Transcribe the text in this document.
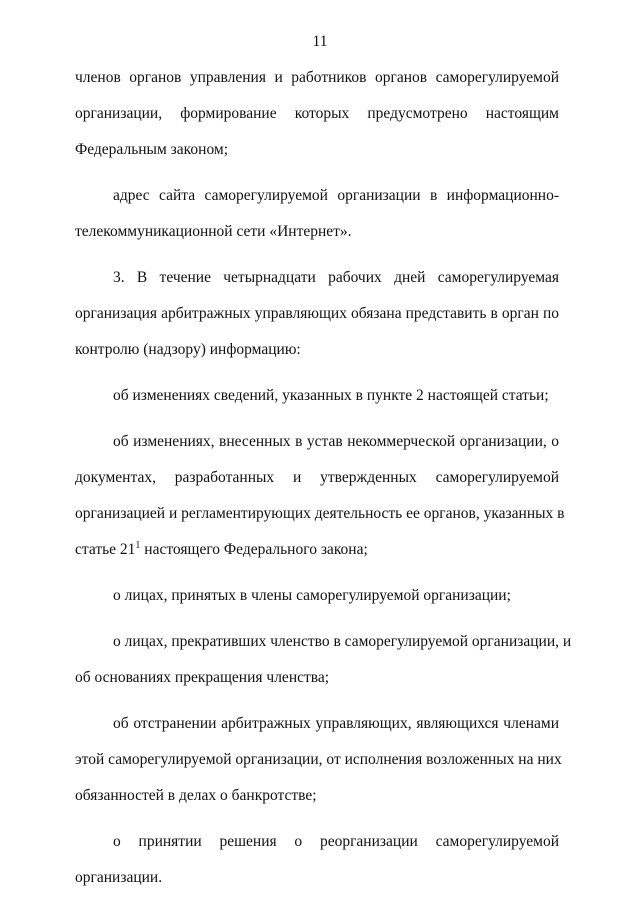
11
членов органов управления и работников органов саморегулируемой
организации, формирование которых предусмотрено настоящим
Федеральным законом;
адрес сайта саморегулируемой организации в информационно-
телекоммуникационной сети «Интернет».
3. В течение четырнадцати рабочих дней саморегулируемая
организация арбитражных управляющих обязана представить в орган по
контролю (надзору) информацию:
об изменениях сведений, указанных в пункте 2 настоящей статьи;
об изменениях, внесенных в устав некоммерческой организации, о
документах, разработанных и утвержденных саморегулируемой
организацией и регламентирующих деятельность ее органов, указанных в
статье $21^1$ настоящего Федерального закона;
о лицах, принятых в члены саморегулируемой организации;
о лицах, прекративших членство в саморегулируемой организации, и
об основаниях прекращения членства;
об отстранении арбитражных управляющих, являющихся членами
этой саморегулируемой организации, от исполнения возложенных на них
обязанностей в делах о банкротстве;
о принятии решения о реорганизации саморегулируемой
организации.
